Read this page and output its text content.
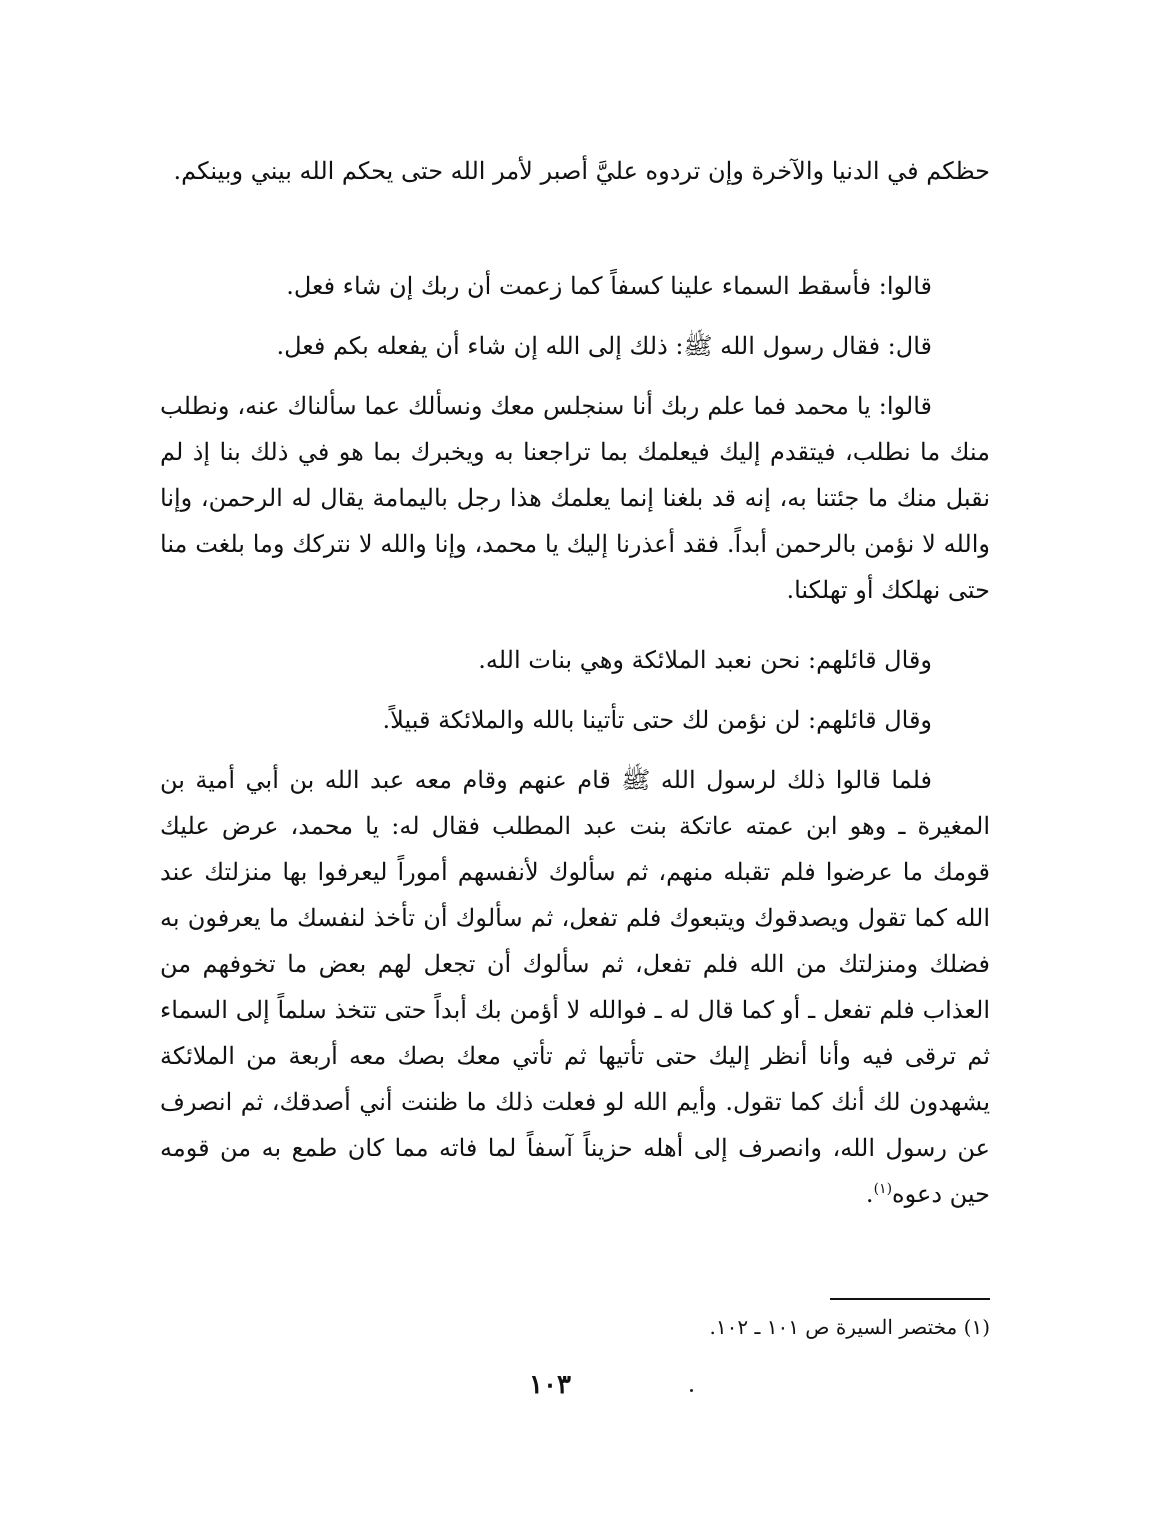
حظكم في الدنيا والآخرة وإن تردوه عليَّ أصبر لأمر الله حتى يحكم الله بيني وبينكم.

قالوا: فأسقط السماء علينا كسفاً كما زعمت أن ربك إن شاء فعل.

قال: فقال رسول الله ﷺ: ذلك إلى الله إن شاء أن يفعله بكم فعل.

قالوا: يا محمد فما علم ربك أنا سنجلس معك ونسألك عما سألناك عنه، ونطلب منك ما نطلب، فيتقدم إليك فيعلمك بما تراجعنا به ويخبرك بما هو في ذلك بنا إذ لم نقبل منك ما جئتنا به، إنه قد بلغنا إنما يعلمك هذا رجل باليمامة يقال له الرحمن، وإنا والله لا نؤمن بالرحمن أبداً. فقد أعذرنا إليك يا محمد، وإنا والله لا نتركك وما بلغت منا حتى نهلكك أو تهلكنا.

وقال قائلهم: نحن نعبد الملائكة وهي بنات الله.

وقال قائلهم: لن نؤمن لك حتى تأتينا بالله والملائكة قبيلاً.

فلما قالوا ذلك لرسول الله ﷺ قام عنهم وقام معه عبد الله بن أبي أمية بن المغيرة ـ وهو ابن عمته عاتكة بنت عبد المطلب فقال له: يا محمد، عرض عليك قومك ما عرضوا فلم تقبله منهم، ثم سألوك لأنفسهم أموراً ليعرفوا بها منزلتك عند الله كما تقول ويصدقوك ويتبعوك فلم تفعل، ثم سألوك أن تأخذ لنفسك ما يعرفون به فضلك ومنزلتك من الله فلم تفعل، ثم سألوك أن تجعل لهم بعض ما تخوفهم من العذاب فلم تفعل ـ أو كما قال له ـ فوالله لا أؤمن بك أبداً حتى تتخذ سلماً إلى السماء ثم ترقى فيه وأنا أنظر إليك حتى تأتيها ثم تأتي معك بصك معه أربعة من الملائكة يشهدون لك أنك كما تقول. وأيم الله لو فعلت ذلك ما ظننت أني أصدقك، ثم انصرف عن رسول الله، وانصرف إلى أهله حزيناً آسفاً لما فاته مما كان طمع به من قومه حين دعوه$^{(١)}$.

(١) مختصر السيرة ص ١٠١ ـ ١٠٢.

١٠٣
